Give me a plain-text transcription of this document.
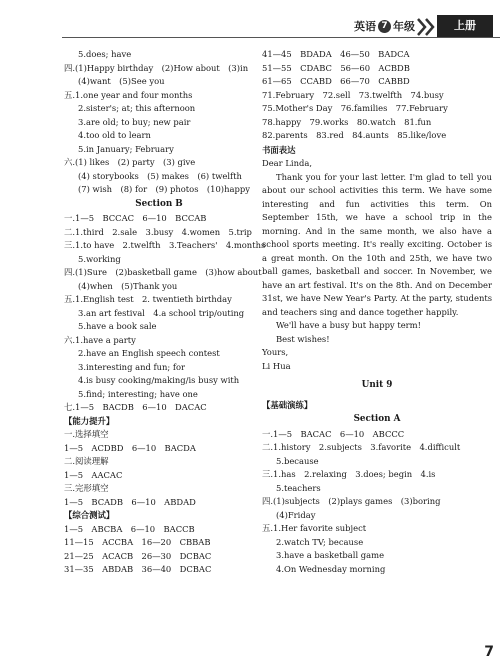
英语 7 年级	上册
5.does; have
四.(1)Happy birthday　(2)How about　(3)in
(4)want　(5)See you
五.1.one year and four months
2.sister's; at; this afternoon
3.are old; to buy; new pair
4.too old to learn
5.in January; February
六.(1) likes　(2) party　(3) give
(4) storybooks　(5) makes　(6) twelfth
(7) wish　(8) for　(9) photos　(10)happy
Section B
一.1—5　BCCAC　6—10　BCCAB
二.1.third　2.sale　3.busy　4.women　5.trip
三.1.to have　2.twelfth　3.Teachers'　4.months
5.working
四.(1)Sure　(2)basketball game　(3)how about
(4)when　(5)Thank you
五.1.English test　2. twentieth birthday
3.an art festival　4.a school trip/outing
5.have a book sale
六.1.have a party
2.have an English speech contest
3.interesting and fun; for
4.is busy cooking/making/is busy with
5.find; interesting; have one
七.1—5　BACDB　6—10　DACAC
【能力提升】
一.选择填空
1—5　ACDBD　6—10　BACDA
二.阅读理解
1—5　AACAC
三.完形填空
1—5　BCADB　6—10　ABDAD
【综合测试】
1—5　ABCBA　6—10　BACCB
11—15　ACCBA　16—20　CBBAB
21—25　ACACB　26—30　DCBAC
31—35　ABDAB　36—40　DCBAC
41—45　BDADA　46—50　BADCA
51—55　CDABC　56—60　ACBDB
61—65　CCABD　66—70　CABBD
71.February　72.sell　73.twelfth　74.busy
75.Mother's Day　76.families　77.February
78.happy　79.works　80.watch　81.fun
82.parents　83.red　84.aunts　85.like/love
书面表达

Dear Linda,

Thank you for your last letter. I'm glad to tell you about our school activities this term. We have some interesting and fun activities this term. On September 15th, we have a school trip in the morning. And in the same month, we also have a school sports meeting. It's really exciting. October is a great month. On the 10th and 25th, we have two ball games, basketball and soccer. In November, we have an art festival. It's on the 8th. And on December 31st, we have New Year's Party. At the party, students and teachers sing and dance together happily.

We'll have a busy but happy term!

Best wishes!

Yours,

Li Hua

Unit 9
【基础演练】
Section A
一.1—5　BACAC　6—10　ABCCC
二.1.history　2.subjects　3.favorite　4.difficult
5.because
三.1.has　2.relaxing　3.does; begin　4.is
5.teachers
四.(1)subjects　(2)plays games　(3)boring
(4)Friday
五.1.Her favorite subject
2.watch TV; because
3.have a basketball game
4.On Wednesday morning
7
